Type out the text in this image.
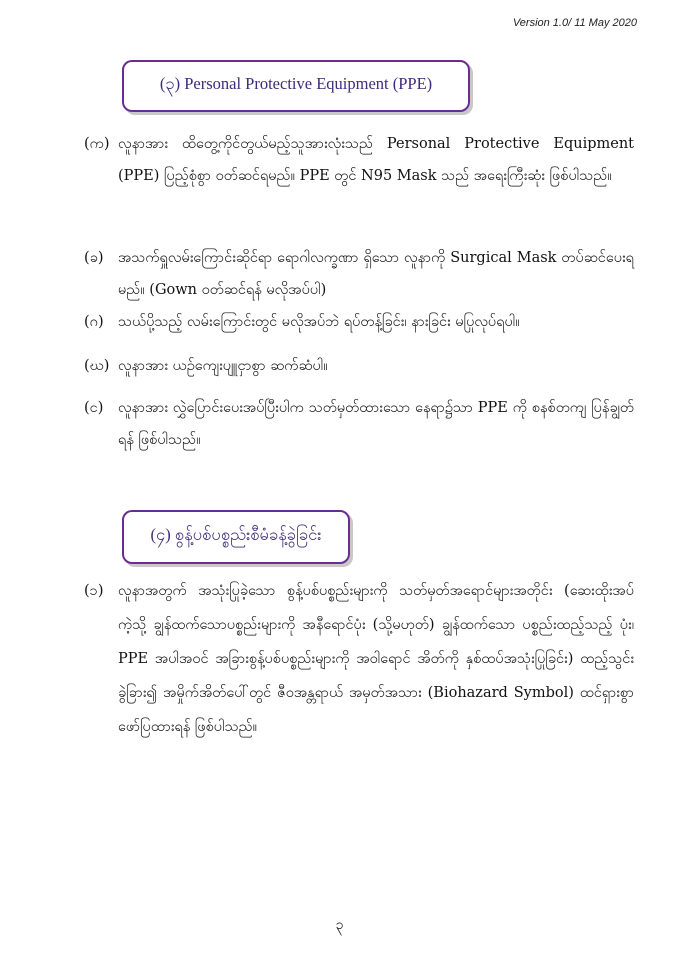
Version 1.0/ 11 May 2020
(၃) Personal Protective Equipment (PPE)
(က) လူနာအား ထိတွေ့ကိုင်တွယ်မည့်သူအားလုံးသည် Personal Protective Equipment (PPE) ပြည့်စုံစွာ ဝတ်ဆင်ရမည်။ PPE တွင် N95 Mask သည် အရေးကြီးဆုံး ဖြစ်ပါသည်။
(ခ)	အသက်ရှူလမ်းကြောင်းဆိုင်ရာ ရောဂါလက္ခဏာ ရှိသော လူနာကို Surgical Mask တပ်ဆင်ပေးရမည်။ (Gown ဝတ်ဆင်ရန် မလိုအပ်ပါ)
(ဂ) သယ်ပို့သည့် လမ်းကြောင်းတွင် မလိုအပ်ဘဲ ရပ်တန့်ခြင်း၊ နားခြင်း မပြုလုပ်ရပါ။
(ဃ) လူနာအား ယဉ်ကျေးပျူငှာစွာ ဆက်ဆံပါ။
(င)	လူနာအား လွှဲပြောင်းပေးအပ်ပြီးပါက သတ်မှတ်ထားသော နေရာ၌သာ PPE ကို စနစ်တကျ ပြန်ချွတ်ရန် ဖြစ်ပါသည်။
(၄) စွန့်ပစ်ပစ္စည်းစီမံခန့်ခွဲခြင်း
(၁)	လူနာအတွက် အသုံးပြုခဲ့သော စွန့်ပစ်ပစ္စည်းများကို သတ်မှတ်အရောင်များအတိုင်း (ဆေးထိုးအပ်ကဲ့သို့ ချွန်ထက်သောပစ္စည်းများကို အနီရောင်ပုံး (သို့မဟုတ်) ချွန်ထက်သော ပစ္စည်းထည့်သည့် ပုံး၊ PPE အပါအဝင် အခြားစွန့်ပစ်ပစ္စည်းများကို အဝါရောင် အိတ်ကို နှစ်ထပ်အသုံးပြုခြင်း) ထည့်သွင်းခွဲခြား၍ အမှိုက်အိတ်ပေါ်တွင် ဇီဝအန္တရာယ် အမှတ်အသား (Biohazard Symbol) ထင်ရှားစွာ ဖော်ပြထားရန် ဖြစ်ပါသည်။
၃
